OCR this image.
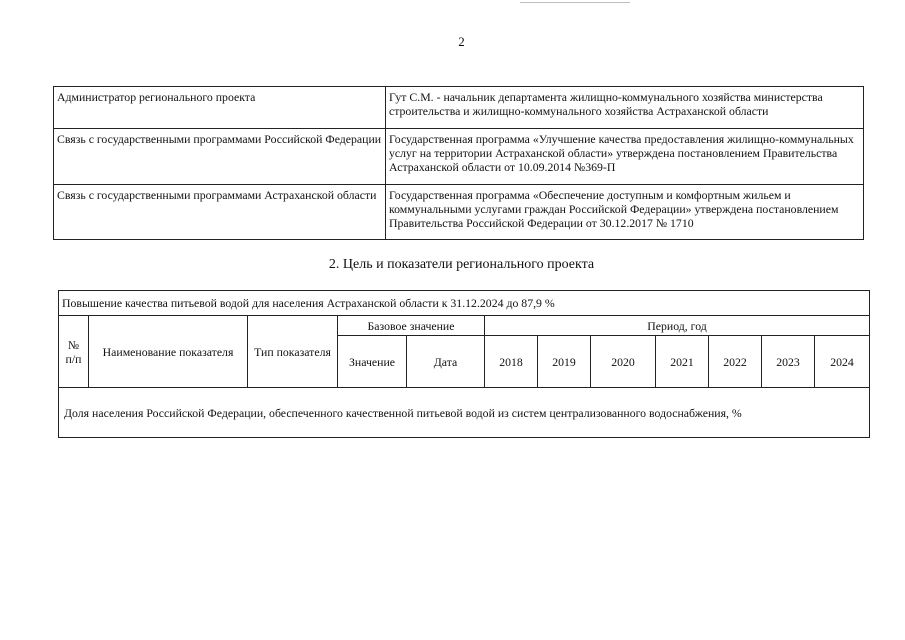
2
Администратор регионального проекта	Гут С.М. - начальник департамента жилищно-коммунального хозяйства министерства строительства и жилищно-коммунального хозяйства Астраханской области
Связь с государственными программами Российской Федерации	Государственная программа «Улучшение качества предоставления жилищно-коммунальных услуг на территории Астраханской области» утверждена постановлением Правительства Астраханской области от 10.09.2014 №369-П
Связь с государственными программами Астраханской области	Государственная программа «Обеспечение доступным и комфортным жильем и коммунальными услугами граждан Российской Федерации» утверждена постановлением Правительства Российской Федерации от 30.12.2017 № 1710
2. Цель и показатели регионального проекта
Повышение качества питьевой водой для населения Астраханской области к 31.12.2024 до 87,9 %											
№ п/п	Наименование показателя	Тип показателя	Базовое значение		Период, год						
					2018	2019	2020	2021	2022	2023	2024
			Значение	Дата							
Доля населения Российской Федерации, обеспеченного качественной питьевой водой из систем централизованного водоснабжения, %											
